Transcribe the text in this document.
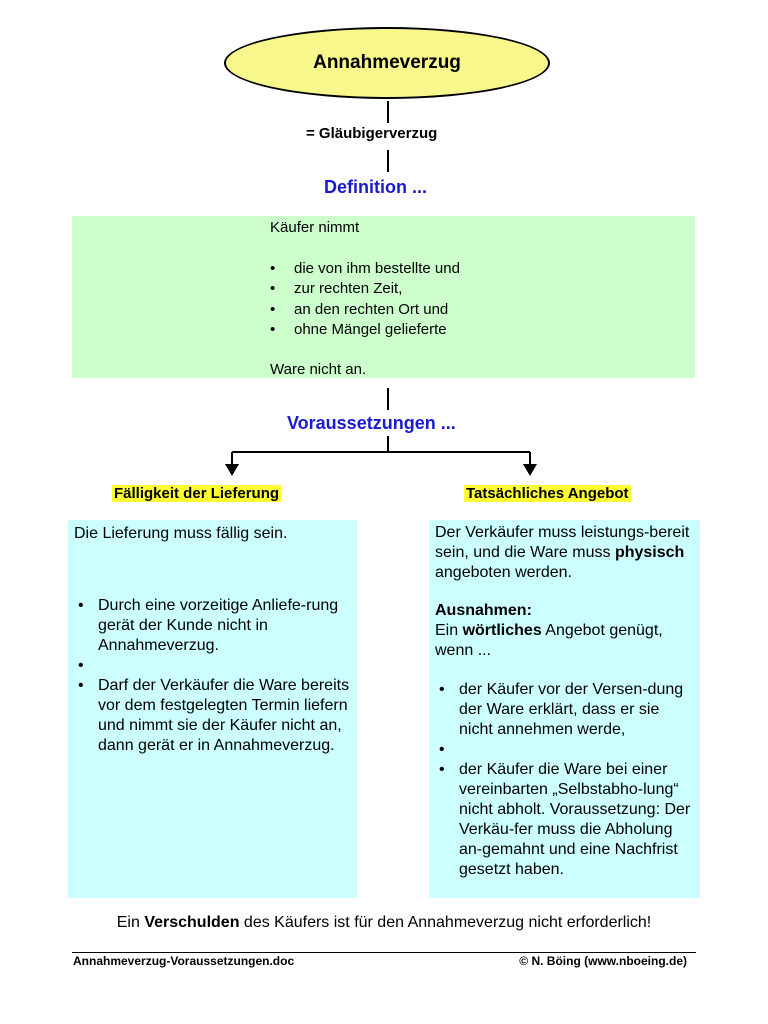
Annahmeverzug
= Gläubigerverzug
Definition ...
Käufer nimmt
• die von ihm bestellte und
• zur rechten Zeit,
• an den rechten Ort und
• ohne Mängel gelieferte
Ware nicht an.
Voraussetzungen ...
Fälligkeit der Lieferung	Tatsächliches Angebot
Die Lieferung muss fällig sein.
• Durch eine vorzeitige Anliefe-rung gerät der Kunde nicht in Annahmeverzug.
•
• Darf der Verkäufer die Ware bereits vor dem festgelegten Termin liefern und nimmt sie der Käufer nicht an, dann gerät er in Annahmeverzug.
Der Verkäufer muss leistungs-bereit sein, und die Ware muss physisch angeboten werden.
Ausnahmen:
Ein wörtliches Angebot genügt, wenn ...
• der Käufer vor der Versen-dung der Ware erklärt, dass er sie nicht annehmen werde,
•
• der Käufer die Ware bei einer vereinbarten „Selbstabho-lung“ nicht abholt. Voraussetzung: Der Verkäu-fer muss die Abholung an-gemahnt und eine Nachfrist gesetzt haben.
Ein Verschulden des Käufers ist für den Annahmeverzug nicht erforderlich!
Annahmeverzug-Voraussetzungen.doc	© N. Böing (www.nboeing.de)
